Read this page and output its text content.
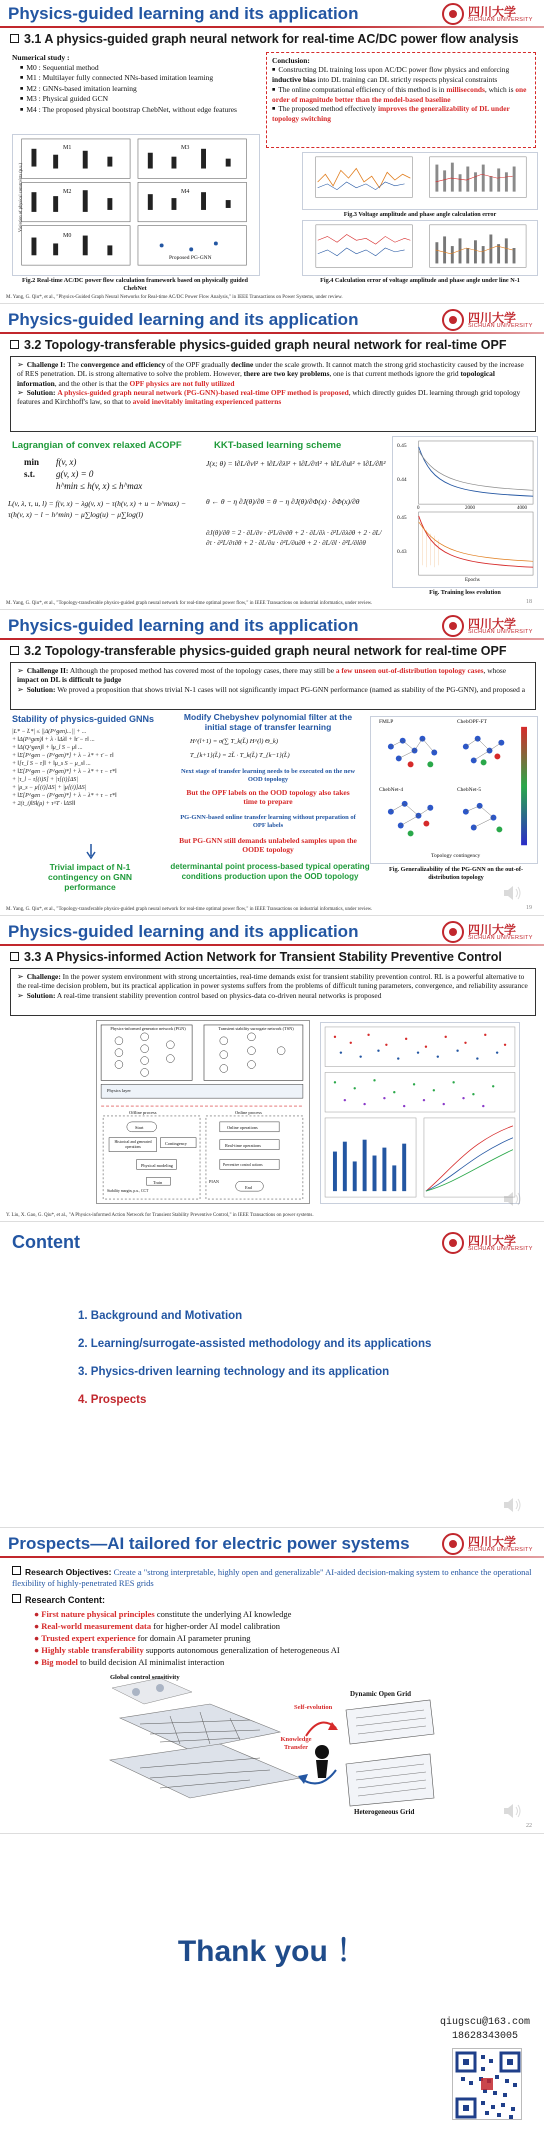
Physics-guided learning and its application	四川大学
SICHUAN UNIVERSITY
3.1 A physics-guided graph neural network for real-time AC/DC power flow analysis
Numerical study :
■ M0 : Sequential method
■ M1 : Multilayer fully connected NNs-based imitation learning
■ M2 : GNNs-based imitation learning
■ M3 : Physical guided GCN
■ M4 : The proposed physical bootstrap ChebNet, without edge features
M1	M3
M2	M4
M0
Proposed PG-GNN
Violation of physical constraints (p.u.)
Fig.2 Real-time AC/DC power flow calculation framework based on physically guided ChebNet
Conclusion:
■ Constructing DL training loss upon AC/DC power flow physics and enforcing inductive bias into DL training can DL strictly respects physical constraints
■ The online computational efficiency of this method is in milliseconds, which is one order of magnitude better than the model-based baseline
■ The proposed method effectively improves the generalizability of DL under topology switching
Fig.3 Voltage amplitude and phase angle calculation error
Fig.4 Calculation error of voltage amplitude and phase angle under line N-1
M. Yang, G. Qiu*, et al., "Physics-Guided Graph Neural Networks for Real-time AC/DC Power Flow Analysis," in IEEE Transactions on Power Systems, under review.
Physics-guided learning and its application	四川大学
SICHUAN UNIVERSITY
3.2 Topology-transferable physics-guided graph neural network for real-time OPF
➢ Challenge I: The convergence and efficiency of the OPF gradually decline under the scale growth. It cannot match the strong grid stochasticity caused by the increase of RES penetration. DL is strong alternative to solve the problem. However, there are two key problems, one is that current methods ignore the grid topological information, and the other is that the OPF physics are not fully utilized
➢ Solution: A physics-guided graph neural network (PG-GNN)-based real-time OPF method is proposed, which directly guides DL learning through grid topology features and Kirchhoff's law, so that to avoid inevitably imitating experienced patterns
Lagrangian of convex relaxed ACOPF	KKT-based learning scheme
min f(v, x)
s.t. g(v, x) = 0
h^min ≤ h(v, x) ≤ h^max
L(v, λ, τ, u, l) = f(v, x) − λg(v, x) − τ(h(v, x) + u − h^max) − τ(h(v, x) − l − h^min) − μ∑log(u) − μ∑log(l)
J(x; θ) = ‖∂L/∂v‖² + ‖∂L/∂λ‖² + ‖∂L/∂τ‖² + ‖∂L/∂u‖² + ‖∂L/∂l‖²
θ ← θ − η ∂J(θ)/∂θ = θ − η ∂J(θ)/∂Φ(x) · ∂Φ(x)/∂θ
∂J(θ)/∂θ = 2 · ∂L/∂v · ∂²L/∂v∂θ + 2 · ∂L/∂λ · ∂²L/∂λ∂θ + 2 · ∂L/∂τ · ∂²L/∂τ∂θ + 2 · ∂L/∂u · ∂²L/∂u∂θ + 2 · ∂L/∂l · ∂²L/∂l∂θ
0.45
0.44
0.45
0.43
0	2000	4000
Epochs
Fig. Training loss evolution
M. Yang, G. Qiu*, et al., "Topology-transferable physics-guided graph neural network for real-time optimal power flow," in IEEE Transactions on industrial informatics, under review.	18
Physics-guided learning and its application	四川大学
SICHUAN UNIVERSITY
3.2 Topology-transferable physics-guided graph neural network for real-time OPF
➢ Challenge II: Although the proposed method has covered most of the topology cases, there may still be a few unseen out-of-distribution topology cases, whose impact on DL is difficult to judge
➢ Solution: We proved a proposition that shows trivial N-1 cases will not significantly impact PG-GNN performance (named as stability of the PG-GNN), and proposed a
Stability of physics-guided GNNs
|L* − L̂*| ≤ ||Δ(P^gen)...|| + ...
+ ‖Δ(P^gen)‖ + λ · ‖Δλ‖ + ‖τ̄ − τ‖ ...
+ ‖Δ(Q^gen)‖ + ‖μ_l S − μ‖ ...
+ ‖Σ[P^gen − (P^gen)*] + λ − λ* + τ̄ − τ‖
+ ‖[τ_l S − τ]‖ + ‖μ_s S − μ_s‖ ...
+ ‖Σ[P^gen − (P^gen)*] + λ − λ* + τ − τ*‖
+ |τ_l − τ[(i)S] + |τ[(i)]ΔS|
+ |μ_s − μ[(i)]ΔS| + |μ[(i)]ΔS|
+ ‖Σ[P^gen − (P^gen)*] + λ − λ* + τ − τ*‖
+ 2(t_i)‖S‖(μ) + τ^T · ‖ΔS‖‖
Trivial impact of N-1 contingency on GNN performance
Modify Chebyshev polynomial filter at the initial stage of transfer learning
H^(l+1) = σ(∑ T_k(L̃) H^(l) Θ_k)
T_{k+1}(L̃) = 2L̃ · T_k(L̃) T_{k−1}(L̃)
Next stage of transfer learning needs to be executed on the new OOD topology
But the OPF labels on the OOD topology also takes time to prepare
PG-GNN-based online transfer learning without preparation of OPF labels
But PG-GNN still demands unlabeled samples upon the OODE topology
determinantal point process-based typical operating conditions production upon the OOD topology
FMLP	ChebOPF-FT
ChebNet-4	ChebNet-5
Topology contingency
Fig. Generalizability of the PG-GNN on the out-of-distribution topology
M. Yang, G. Qiu*, et al., "Topology-transferable physics-guided graph neural network for real-time optimal power flow," in IEEE Transactions on industrial informatics, under review.	19
Physics-guided learning and its application	四川大学
SICHUAN UNIVERSITY
3.3 A Physics-informed Action Network for Transient Stability Preventive Control
➢ Challenge: In the power system environment with strong uncertainties, real-time demands exist for transient stability prevention control. RL is a powerful alternative to the real-time decision problem, but its practical application in power systems suffers from the problems of difficult tuning parameters, convergence, and reliability assurance
➢ Solution: A real-time transient stability prevention control based on physics-data co-driven neural networks is proposed
Physics-informed generator network (PGN)	Transient stability surrogate network (TSN)
Physics layer
Offline process	Online process
Start
Historical and generated operations
Contingency
Physical modeling
Train
Online operations
Real-time operations
Preventive control actions
Stability margin, p.u., CCT
PIAN
End
Y. Liu, X. Gao, G. Qiu*, et al., "A Physics-informed Action Network for Transient Stability Preventive Control," in IEEE Transactions on power systems.
Content	四川大学
SICHUAN UNIVERSITY
1. Background and Motivation
2. Learning/surrogate-assisted methodology and its applications
3. Physics-driven learning technology and its application
4. Prospects
Prospects—AI tailored for electric power systems	四川大学
SICHUAN UNIVERSITY
Research Objectives: Create a "strong interpretable, highly open and generalizable" AI-aided decision-making system to enhance the operational flexibility of highly-penetrated RES grids
Research Content:
● First nature physical principles constitute the underlying AI knowledge
● Real-world measurement data for higher-order AI model calibration
● Trusted expert experience for domain AI parameter pruning
● Highly stable transferability supports autonomous generalization of heterogeneous AI
● Big model to build decision AI minimalist interaction
Global control sensitivity
Dynamic Open Grid
Self-evolution
Knowledge Transfer
Heterogeneous Grid
22
Thank you ！
qiugscu@163.com
18628343005
